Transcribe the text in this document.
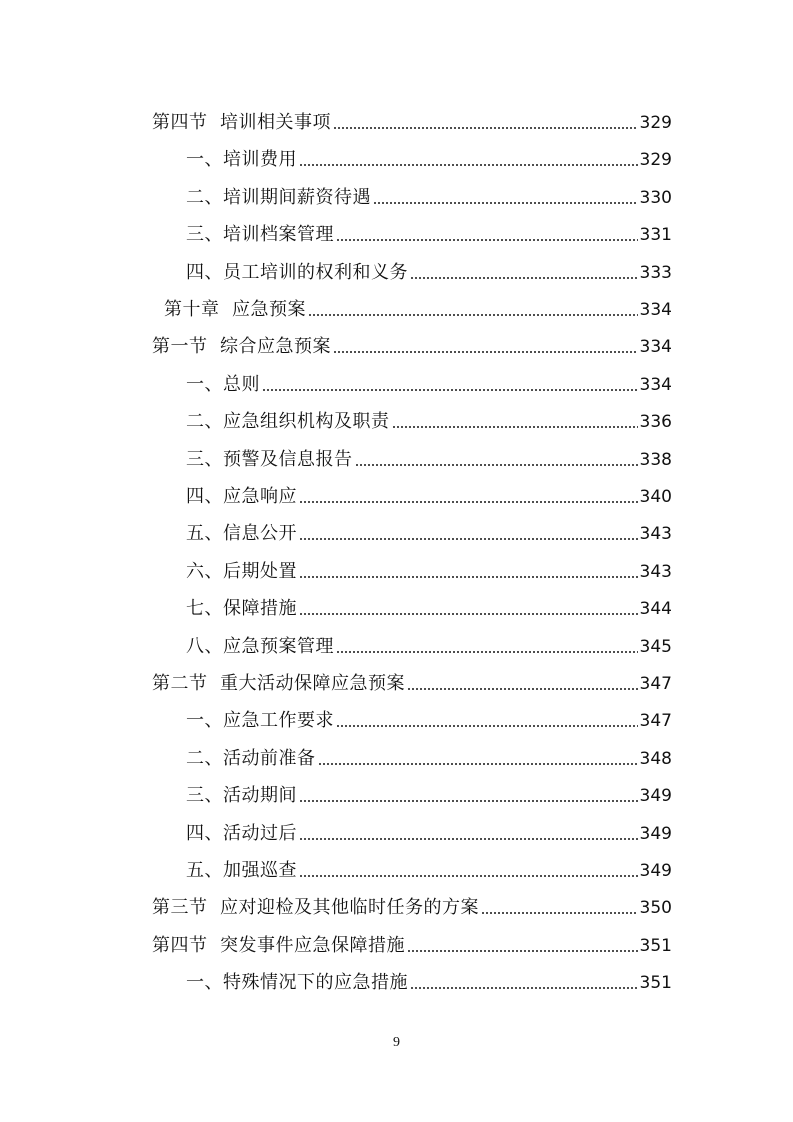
第四节  培训相关事项	329
一、培训费用	329
二、培训期间薪资待遇	330
三、培训档案管理	331
四、员工培训的权利和义务	333
第十章  应急预案	334
第一节  综合应急预案	334
一、总则	334
二、应急组织机构及职责	336
三、预警及信息报告	338
四、应急响应	340
五、信息公开	343
六、后期处置	343
七、保障措施	344
八、应急预案管理	345
第二节  重大活动保障应急预案	347
一、应急工作要求	347
二、活动前准备	348
三、活动期间	349
四、活动过后	349
五、加强巡查	349
第三节  应对迎检及其他临时任务的方案	350
第四节  突发事件应急保障措施	351
一、特殊情况下的应急措施	351
9
